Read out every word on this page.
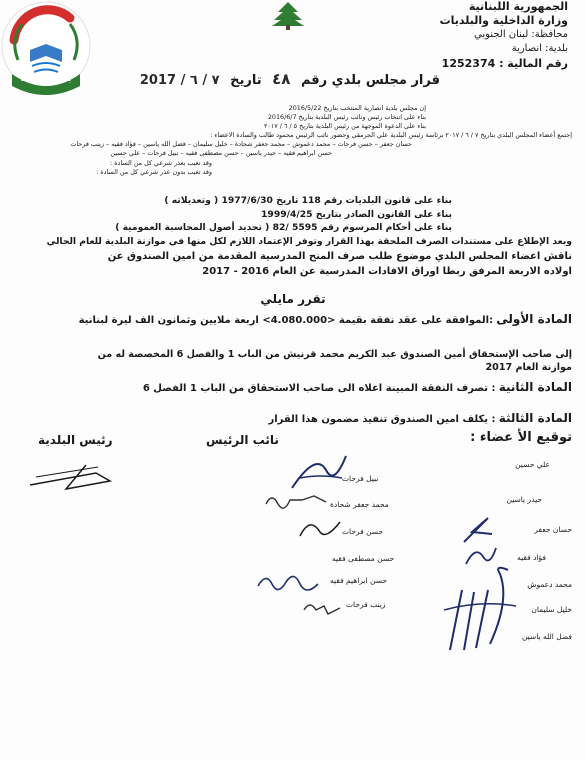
بلدية انصارية
الجمهورية اللبنانية
وزارة الداخلية والبلديات
محافظة: لبنان الجنوبي
بلدية: انصارية
رقم المالية : 1252374
قرار مجلس بلدي رقم ٤٨ تاريخ ٧ / ٦ / 2017
إن مجلس بلدية انصارية المنتخب بتاريخ 2016/5/22
بناء على انتخاب رئيس ونائب رئيس البلدية بتاريخ 2016/6/7
بناء على الدعوة الموجهة من رئيس البلدية بتاريخ ٥ / ٦ / ٢٠١٧
إجتمع أعضاء المجلس البلدي بتاريخ ٧ / ٦ / ٢٠١٧ برئاسة رئيس البلدية علي الجرمقي وحضور نائب الرئيس محمود طالب والسادة الاعضاء :
حسان جعفر – حسن فرحات – محمد دعموش – محمد جعفر شحادة – خليل سليمان – فضل الله ياسين – فؤاد فقيه – زينب فرحات
حسن ابراهيم فقيه – حيدر ياسين – حسن مصطفى فقيه – نبيل فرحات – علي حسين
وقد تغيب بعذر شرعي كل من السادة :
وقد تغيب بدون عذر شرعي كل من السادة :
بناء على قانون البلديات رقم 118 تاريخ 1977/6/30 ( وتعديلاته )
بناء على القانون الصادر بتاريخ 1999/4/25
بناء على أحكام المرسوم رقم 5595 /82 ( تحديد أصول المحاسبة العمومية )
وبعد الإطلاع على مستندات الصرف الملحقة بهذا القرار وتوفر الإعتماد اللازم لكل منها في موازنة البلدية للعام الحالي
ناقش اعضاء المجلس البلدي موضوع طلب صرف المنح المدرسية المقدمة من امين الصندوق عن
اولاده الاربعة المرفق ربطا اوراق الافادات المدرسية عن العام 2016 - 2017
تقرر مايلي
المادة الأولى :الموافقة على عقد نفقة بقيمة <4.080.000> اربعة ملايين وثمانون الف ليرة لبنانية
إلى صاحب الإستحقاق أمين الصندوق عبد الكريم محمد قرنيش من الباب 1 والفصل 6 المخصصة له من
موازنة العام 2017
المادة الثانية : تصرف النفقة المبينة اعلاه الى صاحب الاستحقاق من الباب 1 الفصل 6
المادة الثالثة : يكلف امين الصندوق تنفيذ مضمون هذا القرار
توقيع الأ عضاء :
نائب الرئيس
رئيس البلدية
علي حسين
حيدر ياسين
حسان جعفر
فؤاد فقيه
محمد دعموش
خليل سليمان
فضل الله ياسين
نبيل فرحات
محمد جعفر شحادة
حسن فرحات
حسن مصطفى فقيه
حسن ابراهيم فقيه
زينب فرحات
